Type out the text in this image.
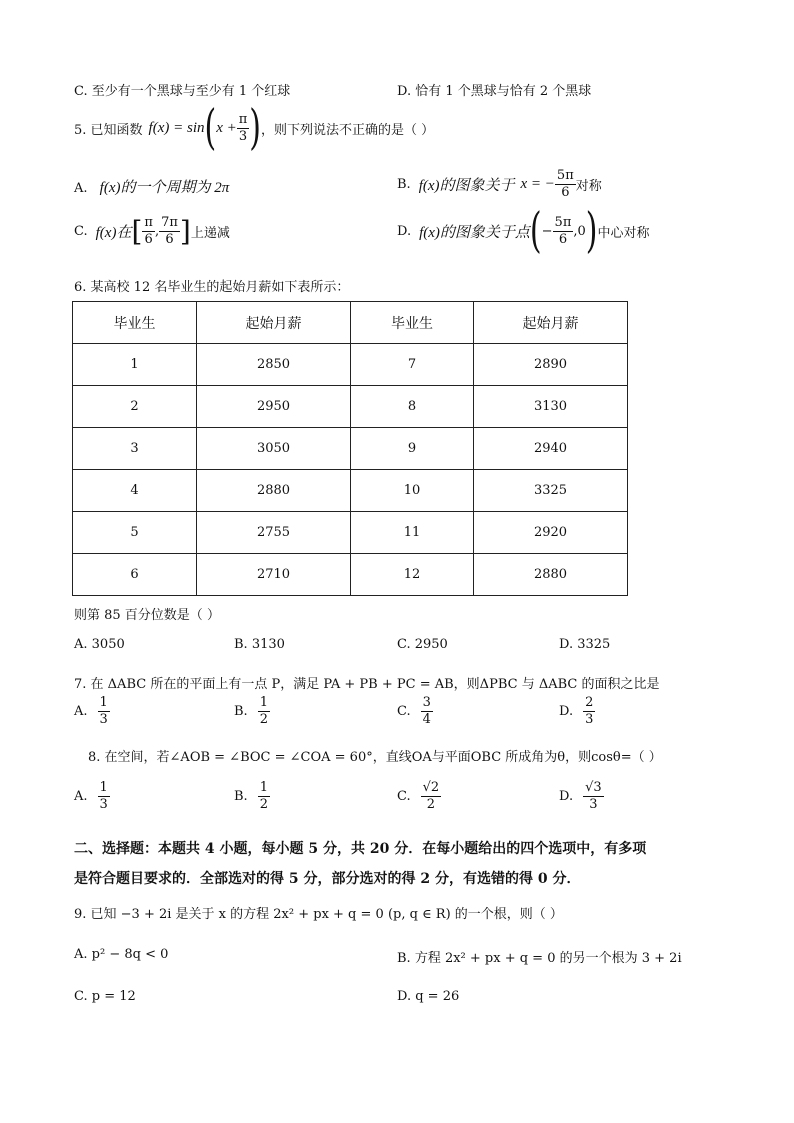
C. 至少有一个黑球与至少有 1 个红球	D. 恰有 1 个黑球与恰有 2 个黑球
5. 已知函数 f(x) = sin ( $x + \frac{\pi}{3}$ ) ，则下列说法不正确的是（ ）
A. f(x)的一个周期为 2π	B. f(x)的图象关于 x = − $\frac{5\pi}{6}$ 对称
C. f(x)在 [ $\frac{\pi}{6}$ , $\frac{7\pi}{6}$ ] 上递减	D. f(x)的图象关于点 ( − $\frac{5\pi}{6} ,0$ ) 中心对称
6. 某高校 12 名毕业生的起始月薪如下表所示：
毕业生	起始月薪	毕业生	起始月薪
1	2850	7	2890
2	2950	8	3130
3	3050	9	2940
4	2880	10	3325
5	2755	11	2920
6	2710	12	2880
则第 85 百分位数是（ ）
A. 3050	B. 3130	C. 2950	D. 3325
7. 在 ΔABC 所在的平面上有一点 P，满足 PA + PB + PC = AB，则ΔPBC 与 ΔABC 的面积之比是
A. $\frac{1}{3}$	B. $\frac{1}{2}$	C. $\frac{3}{4}$	D. $\frac{2}{3}$
8. 在空间，若∠AOB = ∠BOC = ∠COA = 60°，直线OA与平面OBC 所成角为θ，则cosθ=（ ）
A. $\frac{1}{3}$	B. $\frac{1}{2}$	C. $\frac{√2}{2}$	D. $\frac{√3}{3}$
二、选择题：本题共 4 小题，每小题 5 分，共 20 分．在每小题给出的四个选项中，有多项
是符合题目要求的．全部选对的得 5 分，部分选对的得 2 分，有选错的得 0 分．
9. 已知 −3 + 2i 是关于 x 的方程 2x² + px + q = 0 (p, q ∈ R) 的一个根，则（ ）
A. p² − 8q < 0	B. 方程 2x² + px + q = 0 的另一个根为 3 + 2i
C. p = 12	D. q = 26
